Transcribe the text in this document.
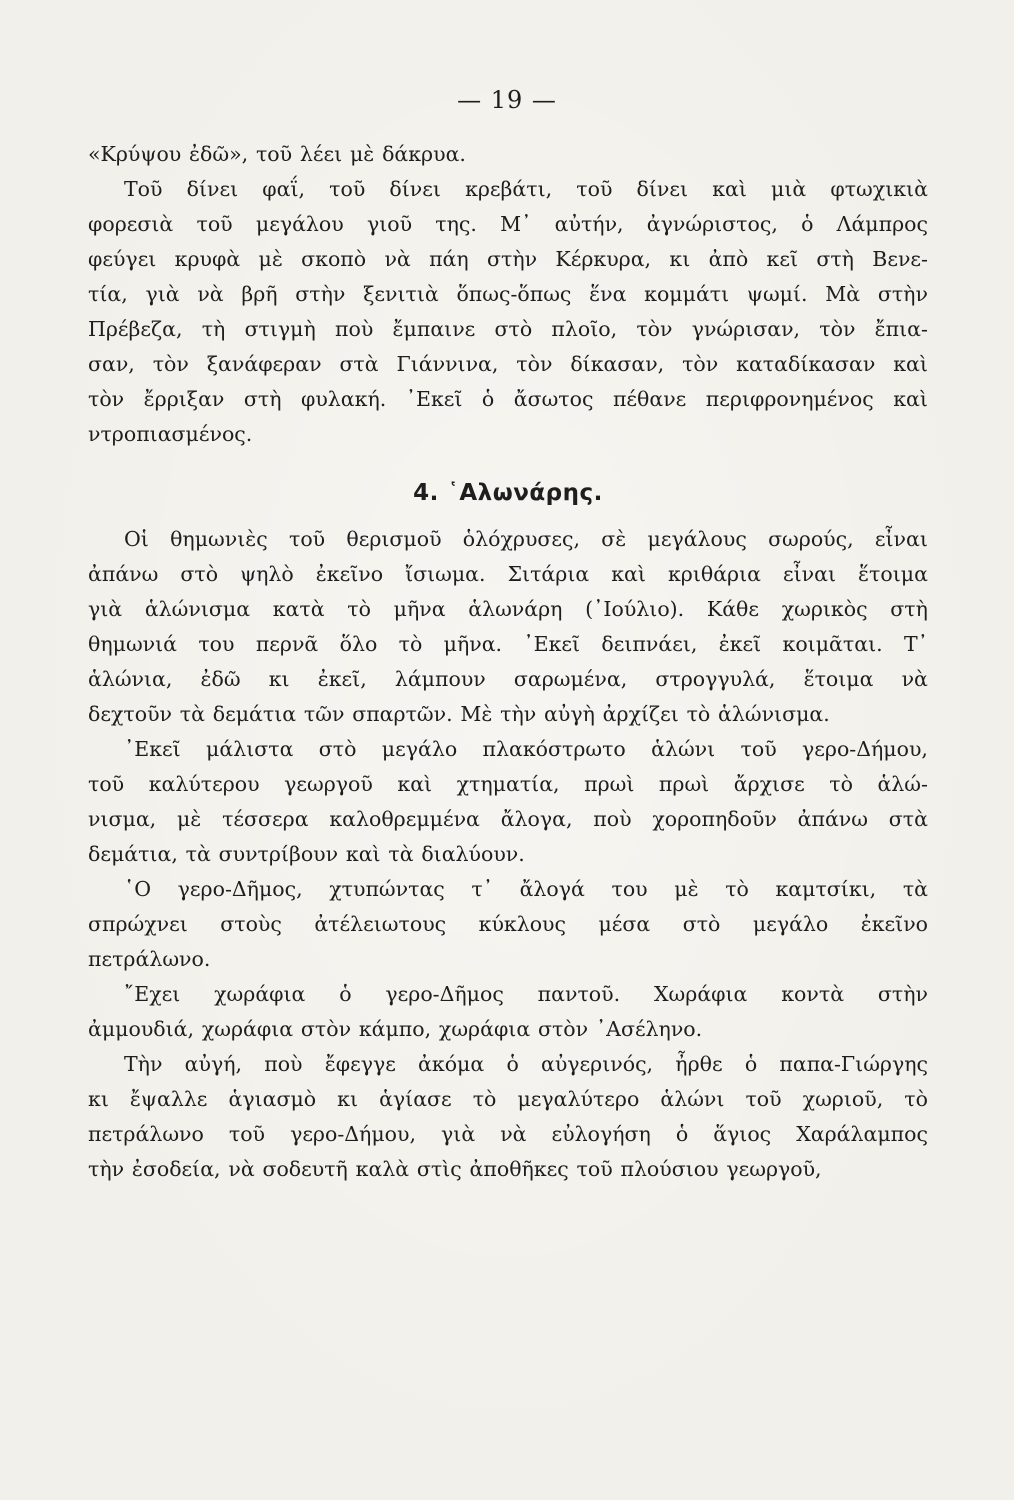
— 19 —
«Κρύψου ἐδῶ», τοῦ λέει μὲ δάκρυα.
Τοῦ δίνει φαΐ, τοῦ δίνει κρεβάτι, τοῦ δίνει καὶ μιὰ φτωχικιὰ
φορεσιὰ τοῦ μεγάλου γιοῦ της. Μ᾿ αὐτήν, ἀγνώριστος, ὁ Λάμπρος
φεύγει κρυφὰ μὲ σκοπὸ νὰ πάη στὴν Κέρκυρα, κι ἀπὸ κεῖ στὴ Βενε-
τία, γιὰ νὰ βρῆ στὴν ξενιτιὰ ὅπως-ὅπως ἕνα κομμάτι ψωμί. Μὰ στὴν
Πρέβεζα, τὴ στιγμὴ ποὺ ἔμπαινε στὸ πλοῖο, τὸν γνώρισαν, τὸν ἔπια-
σαν, τὸν ξανάφεραν στὰ Γιάννινα, τὸν δίκασαν, τὸν καταδίκασαν καὶ
τὸν ἔρριξαν στὴ φυλακή. ᾿Εκεῖ ὁ ἄσωτος πέθανε περιφρονημένος καὶ
ντροπιασμένος.
4. ῾Αλωνάρης.
Οἱ θημωνιὲς τοῦ θερισμοῦ ὁλόχρυσες, σὲ μεγάλους σωρούς, εἶναι
ἀπάνω στὸ ψηλὸ ἐκεῖνο ἴσιωμα. Σιτάρια καὶ κριθάρια εἶναι ἕτοιμα
γιὰ ἁλώνισμα κατὰ τὸ μῆνα ἁλωνάρη (᾿Ιούλιο). Κάθε χωρικὸς στὴ
θημωνιά του περνᾶ ὅλο τὸ μῆνα. ᾿Εκεῖ δειπνάει, ἐκεῖ κοιμᾶται. Τ᾿
ἁλώνια, ἐδῶ κι ἐκεῖ, λάμπουν σαρωμένα, στρογγυλά, ἕτοιμα νὰ
δεχτοῦν τὰ δεμάτια τῶν σπαρτῶν. Μὲ τὴν αὐγὴ ἀρχίζει τὸ ἁλώνισμα.
᾿Εκεῖ μάλιστα στὸ μεγάλο πλακόστρωτο ἁλώνι τοῦ γερο-Δήμου,
τοῦ καλύτερου γεωργοῦ καὶ χτηματία, πρωὶ πρωὶ ἄρχισε τὸ ἁλώ-
νισμα, μὲ τέσσερα καλοθρεμμένα ἄλογα, ποὺ χοροπηδοῦν ἀπάνω στὰ
δεμάτια, τὰ συντρίβουν καὶ τὰ διαλύουν.
῾Ο γερο-Δῆμος, χτυπώντας τ᾿ ἄλογά του μὲ τὸ καμτσίκι, τὰ
σπρώχνει στοὺς ἀτέλειωτους κύκλους μέσα στὸ μεγάλο ἐκεῖνο
πετράλωνο.
῎Εχει χωράφια ὁ γερο-Δῆμος παντοῦ. Χωράφια κοντὰ στὴν
ἀμμουδιά, χωράφια στὸν κάμπο, χωράφια στὸν ᾿Ασέληνο.
Τὴν αὐγή, ποὺ ἔφεγγε ἀκόμα ὁ αὐγερινός, ἦρθε ὁ παπα-Γιώργης
κι ἔψαλλε ἁγιασμὸ κι ἁγίασε τὸ μεγαλύτερο ἁλώνι τοῦ χωριοῦ, τὸ
πετράλωνο τοῦ γερο-Δήμου, γιὰ νὰ εὐλογήση ὁ ἅγιος Χαράλαμπος
τὴν ἐσοδεία, νὰ σοδευτῆ καλὰ στὶς ἀποθῆκες τοῦ πλούσιου γεωργοῦ,
